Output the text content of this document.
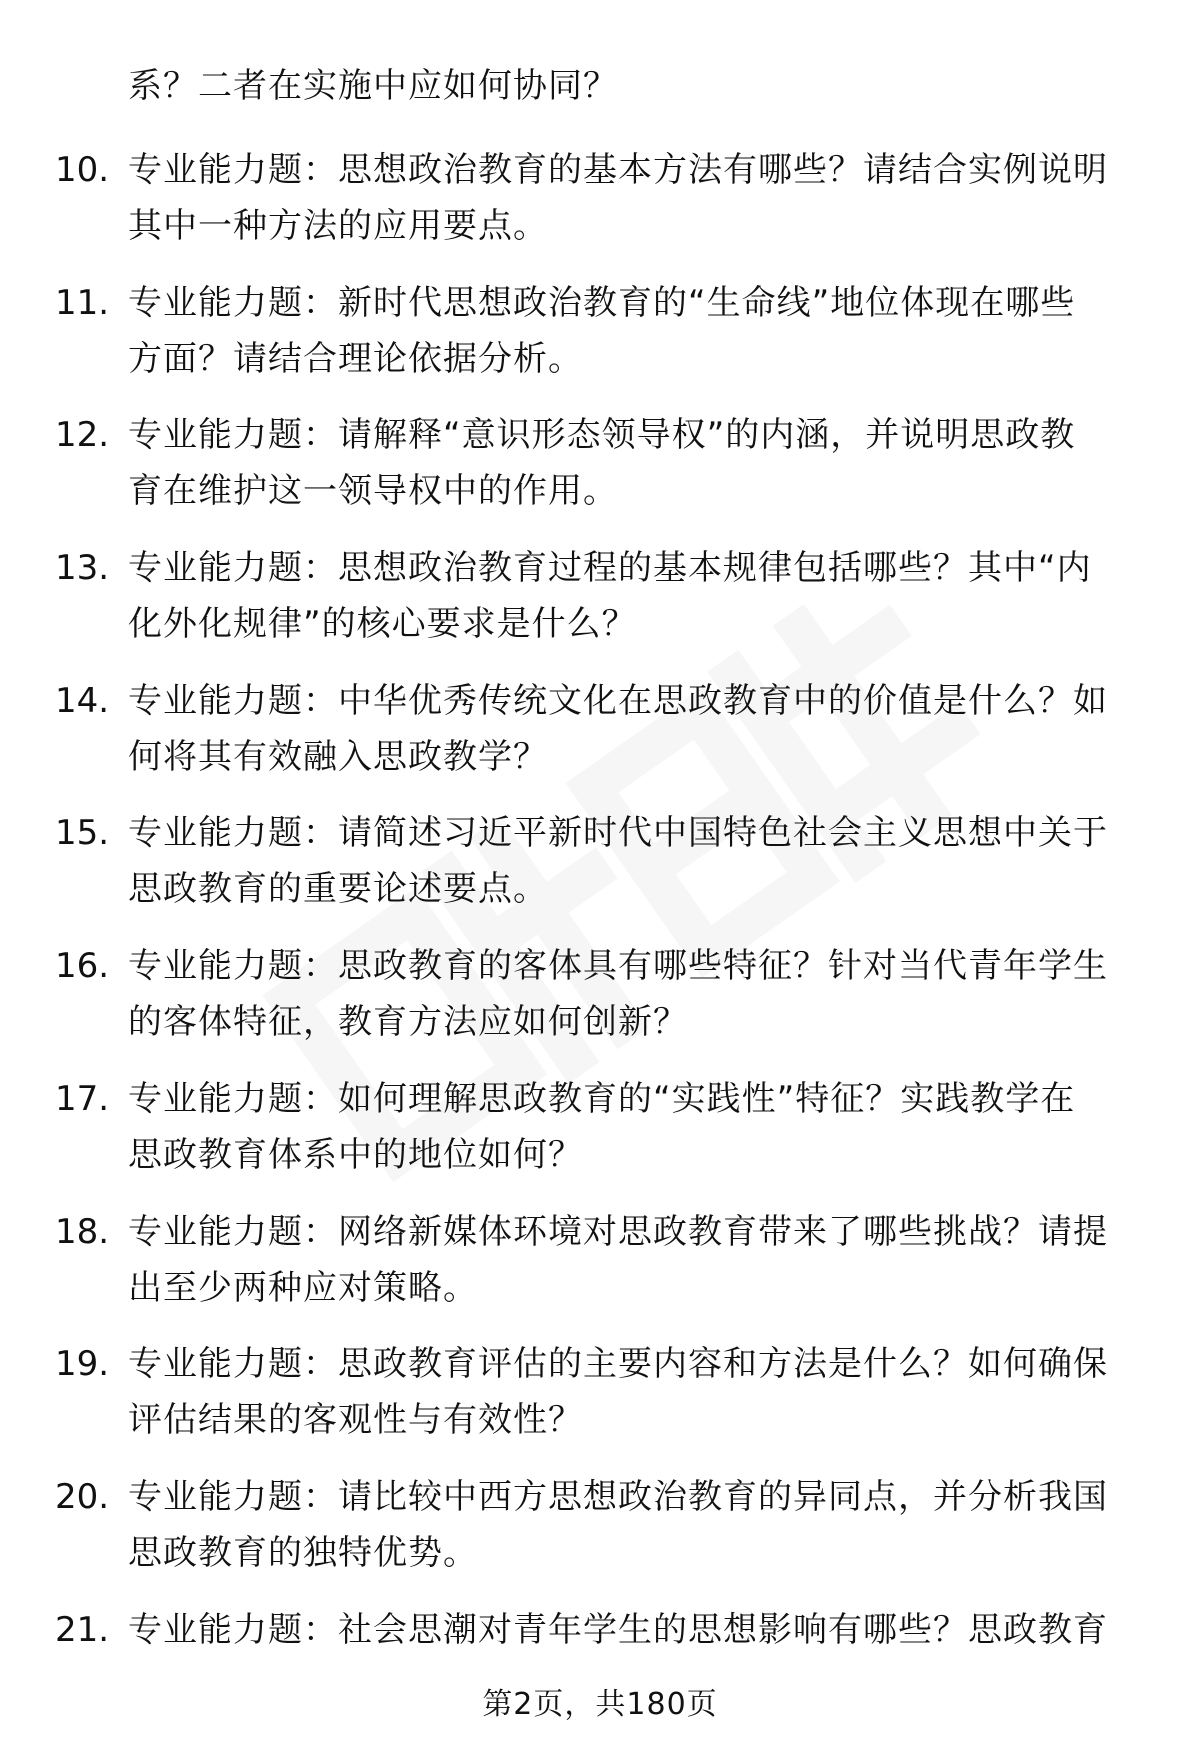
系？二者在实施中应如何协同？
10. 专业能力题：思想政治教育的基本方法有哪些？请结合实例说明
其中一种方法的应用要点。
11. 专业能力题：新时代思想政治教育的“生命线”地位体现在哪些
方面？请结合理论依据分析。
12. 专业能力题：请解释“意识形态领导权”的内涵，并说明思政教
育在维护这一领导权中的作用。
13. 专业能力题：思想政治教育过程的基本规律包括哪些？其中“内
化外化规律”的核心要求是什么？
14. 专业能力题：中华优秀传统文化在思政教育中的价值是什么？如
何将其有效融入思政教学？
15. 专业能力题：请简述习近平新时代中国特色社会主义思想中关于
思政教育的重要论述要点。
16. 专业能力题：思政教育的客体具有哪些特征？针对当代青年学生
的客体特征，教育方法应如何创新？
17. 专业能力题：如何理解思政教育的“实践性”特征？实践教学在
思政教育体系中的地位如何？
18. 专业能力题：网络新媒体环境对思政教育带来了哪些挑战？请提
出至少两种应对策略。
19. 专业能力题：思政教育评估的主要内容和方法是什么？如何确保
评估结果的客观性与有效性？
20. 专业能力题：请比较中西方思想政治教育的异同点，并分析我国
思政教育的独特优势。
21. 专业能力题：社会思潮对青年学生的思想影响有哪些？思政教育
第2页，共180页
